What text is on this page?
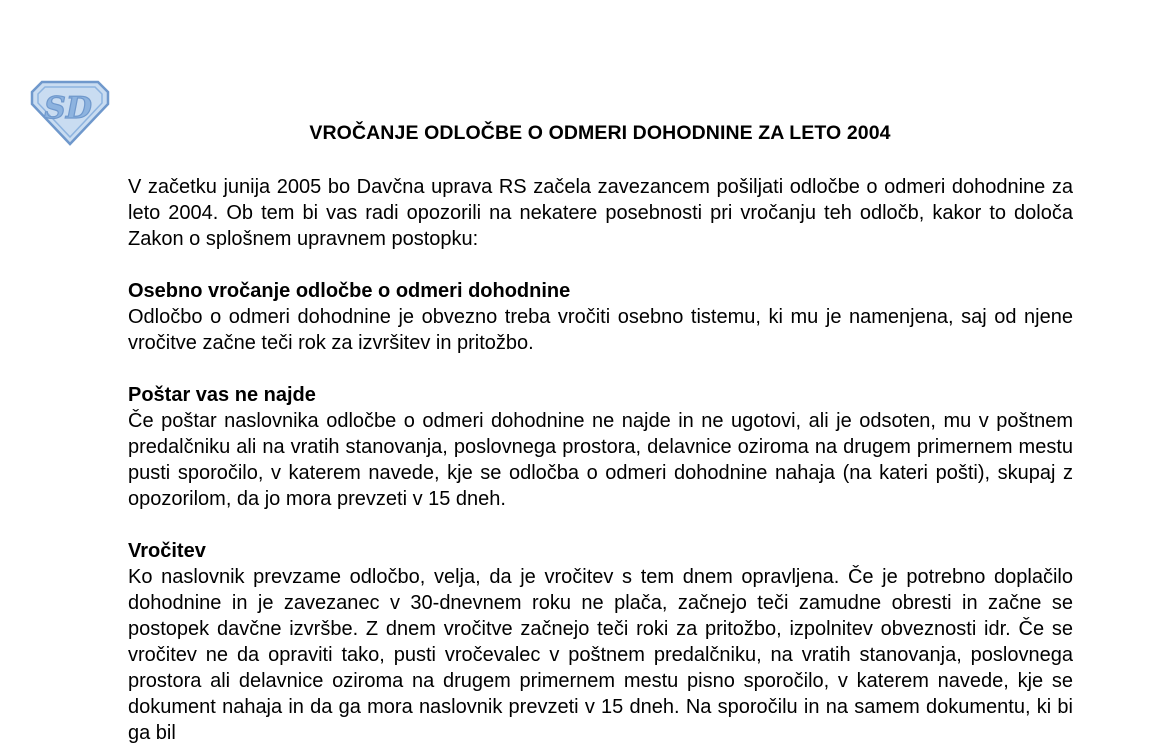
SD
VROČANJE ODLOČBE O ODMERI DOHODNINE ZA LETO 2004

V začetku junija 2005 bo Davčna uprava RS začela zavezancem pošiljati odločbe o odmeri dohodnine za leto 2004. Ob tem bi vas radi opozorili na nekatere posebnosti pri vročanju teh odločb, kakor to določa Zakon o splošnem upravnem postopku:

Osebno vročanje odločbe o odmeri dohodnine

Odločbo o odmeri dohodnine je obvezno treba vročiti osebno tistemu, ki mu je namenjena, saj od njene vročitve začne teči rok za izvršitev in pritožbo.

Poštar vas ne najde

Če poštar naslovnika odločbe o odmeri dohodnine ne najde in ne ugotovi, ali je odsoten, mu v poštnem predalčniku ali na vratih stanovanja, poslovnega prostora, delavnice oziroma na drugem primernem mestu pusti sporočilo, v katerem navede, kje se odločba o odmeri dohodnine nahaja (na kateri pošti), skupaj z opozorilom, da jo mora prevzeti v 15 dneh.

Vročitev

Ko naslovnik prevzame odločbo, velja, da je vročitev s tem dnem opravljena. Če je potrebno doplačilo dohodnine in je zavezanec v 30-dnevnem roku ne plača, začnejo teči zamudne obresti in začne se postopek davčne izvršbe. Z dnem vročitve začnejo teči roki za pritožbo, izpolnitev obveznosti idr. Če se vročitev ne da opraviti tako, pusti vročevalec v poštnem predalčniku, na vratih stanovanja, poslovnega prostora ali delavnice oziroma na drugem primernem mestu pisno sporočilo, v katerem navede, kje se dokument nahaja in da ga mora naslovnik prevzeti v 15 dneh. Na sporočilu in na samem dokumentu, ki bi ga bil
